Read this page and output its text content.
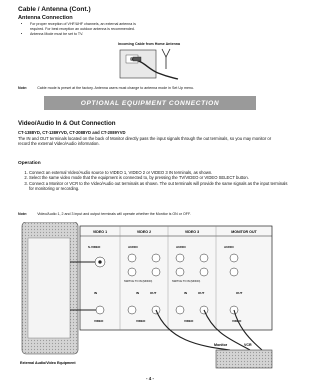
Cable / Antenna (Cont.)
Antenna Connection
• For proper reception of VHF/UHF channels, an external antenna is required. For best reception an outdoor antenna is recommended.
• Antenna Mode must be set to TV.
Incoming Cable from Home Antenna
Note:	Cable mode is preset at the factory. Antenna users must change to antenna mode in Set Up menu.
OPTIONAL EQUIPMENT CONNECTION
Video/Audio In & Out Connection
CT-1388YD, CT-1389YVD, CT-2088YD and CT-2089YVD
The IN and OUT terminals located on the back of Monitor directly pass the input signals through the out terminals, so you may monitor or record the external Video/Audio information.
Operation
1. Connect an external Video/Audio source to VIDEO 1, VIDEO 2 or VIDEO 3 IN terminals, as shown.
2. Select the same video mode that the equipment is connected to, by pressing the TV/VIDEO or VIDEO SELECT button.
3. Connect a Monitor or VCR to the Video/Audio out terminals as shown. The out terminals will provide the same signals as the input terminals for monitoring or recording.
Note:	Video/Audio 1, 2 and 3 input and output terminals will operate whether the Monitor is ON or OFF.
VIDEO 1	VIDEO 2	VIDEO 3	MONITOR OUT
S-VIDEO	AUDIO	AUDIO	AUDIO
SWITCH TO IN (MONO)	SWITCH TO IN (MONO)
IN	IN	OUT	IN	OUT	OUT
VIDEO	VIDEO	VIDEO	VIDEO
Monitor	VCR
External Audio/Video Equipment
- 4 -
